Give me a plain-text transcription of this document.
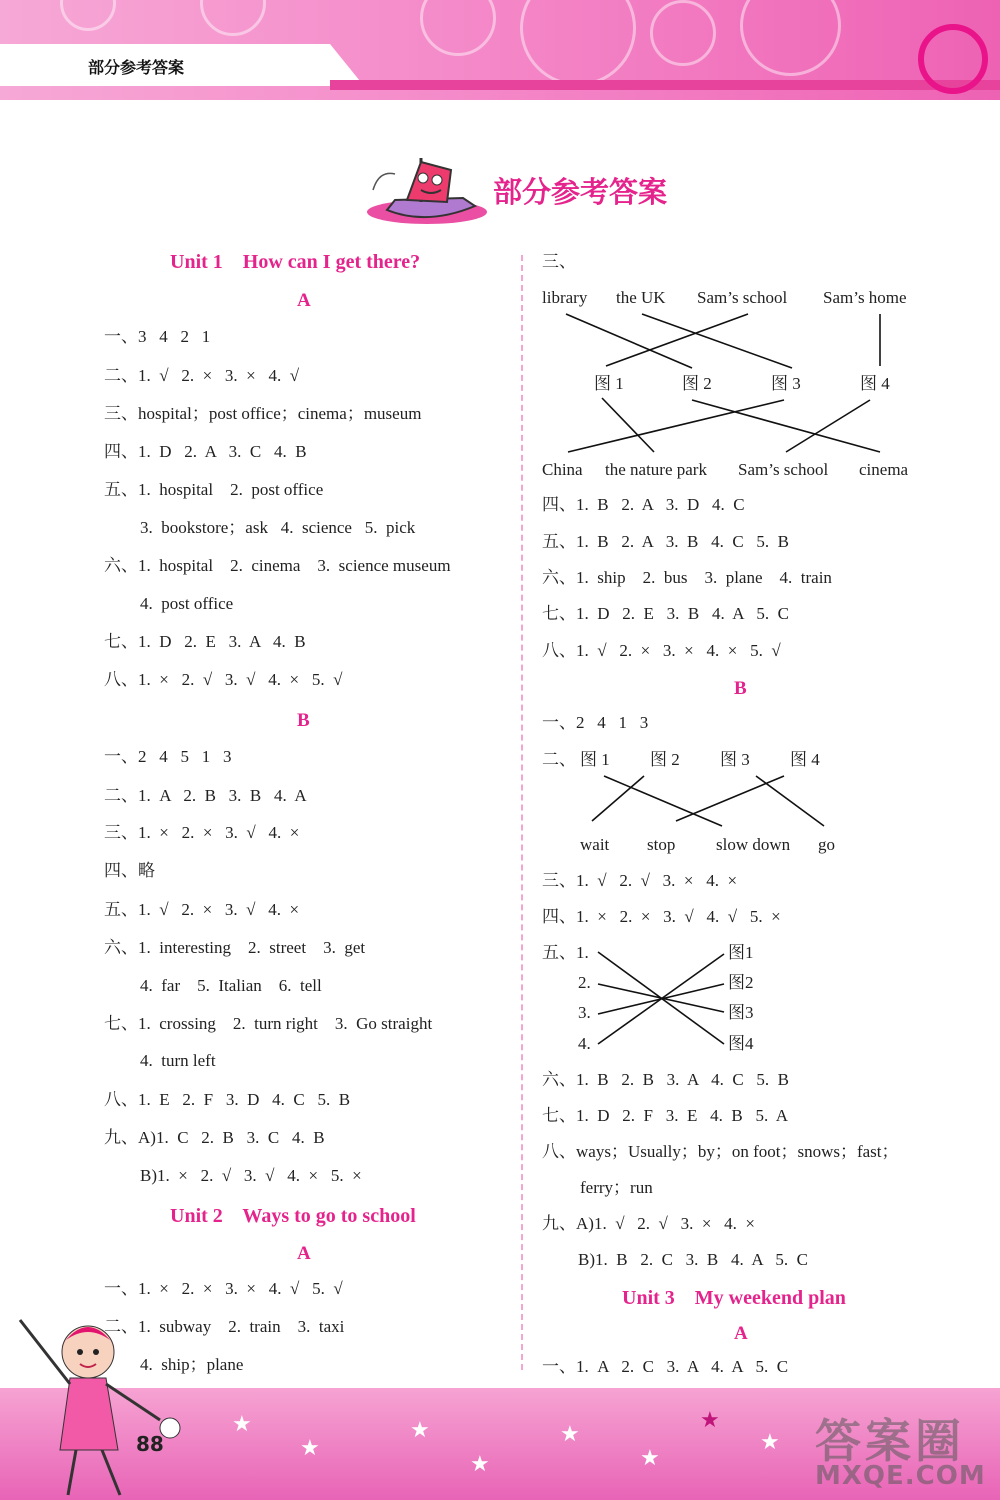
部分参考答案
部分参考答案
Unit 1    How can I get there?
A
一、3   4   2   1
二、1.  √   2.  ×   3.  ×   4.  √
三、hospital；post office；cinema；museum
四、1.  D   2.  A   3.  C   4.  B
五、1.  hospital    2.  post office
3.  bookstore；ask   4.  science   5.  pick
六、1.  hospital    2.  cinema    3.  science museum
4.  post office
七、1.  D   2.  E   3.  A   4.  B
八、1.  ×   2.  √   3.  √   4.  ×   5.  √
B
一、2   4   5   1   3
二、1.  A   2.  B   3.  B   4.  A
三、1.  ×   2.  ×   3.  √   4.  ×
四、略
五、1.  √   2.  ×   3.  √   4.  ×
六、1.  interesting    2.  street    3.  get
4.  far    5.  Italian    6.  tell
七、1.  crossing    2.  turn right    3.  Go straight
4.  turn left
八、1.  E   2.  F   3.  D   4.  C   5.  B
九、A)1.  C   2.  B   3.  C   4.  B
B)1.  ×   2.  √   3.  √   4.  ×   5.  ×
Unit 2    Ways to go to school
A
一、1.  ×   2.  ×   3.  ×   4.  √   5.  √
二、1.  subway    2.  train    3.  taxi
4.  ship；plane
三、
library the UK Sam’s school Sam’s home
图 1	图 2	图 3	图 4
China the nature park Sam’s school cinema
四、1.  B   2.  A   3.  D   4.  C
五、1.  B   2.  A   3.  B   4.  C   5.  B
六、1.  ship    2.  bus    3.  plane    4.  train
七、1.  D   2.  E   3.  B   4.  A   5.  C
八、1.  √   2.  ×   3.  ×   4.  ×   5.  √
B
一、2   4   1   3
二、 图 1 图 2 图 3 图 4
wait stop slow down go
三、1.  √   2.  √   3.  ×   4.  ×
四、1.  ×   2.  ×   3.  √   4.  √   5.  ×
五、1.
2.
3.
4.
图1
图2
图3
图4
六、1.  B   2.  B   3.  A   4.  C   5.  B
七、1.  D   2.  F   3.  E   4.  B   5.  A
八、ways；Usually；by；on foot；snows；fast；
ferry；run
九、A)1.  √   2.  √   3.  ×   4.  ×
B)1.  B   2.  C   3.  B   4.  A   5.  C
Unit 3    My weekend plan
A
一、1.  A   2.  C   3.  A   4.  A   5.  C
★
★
★
★
★
★
★
★
88	答案圈
MXQE.COM
